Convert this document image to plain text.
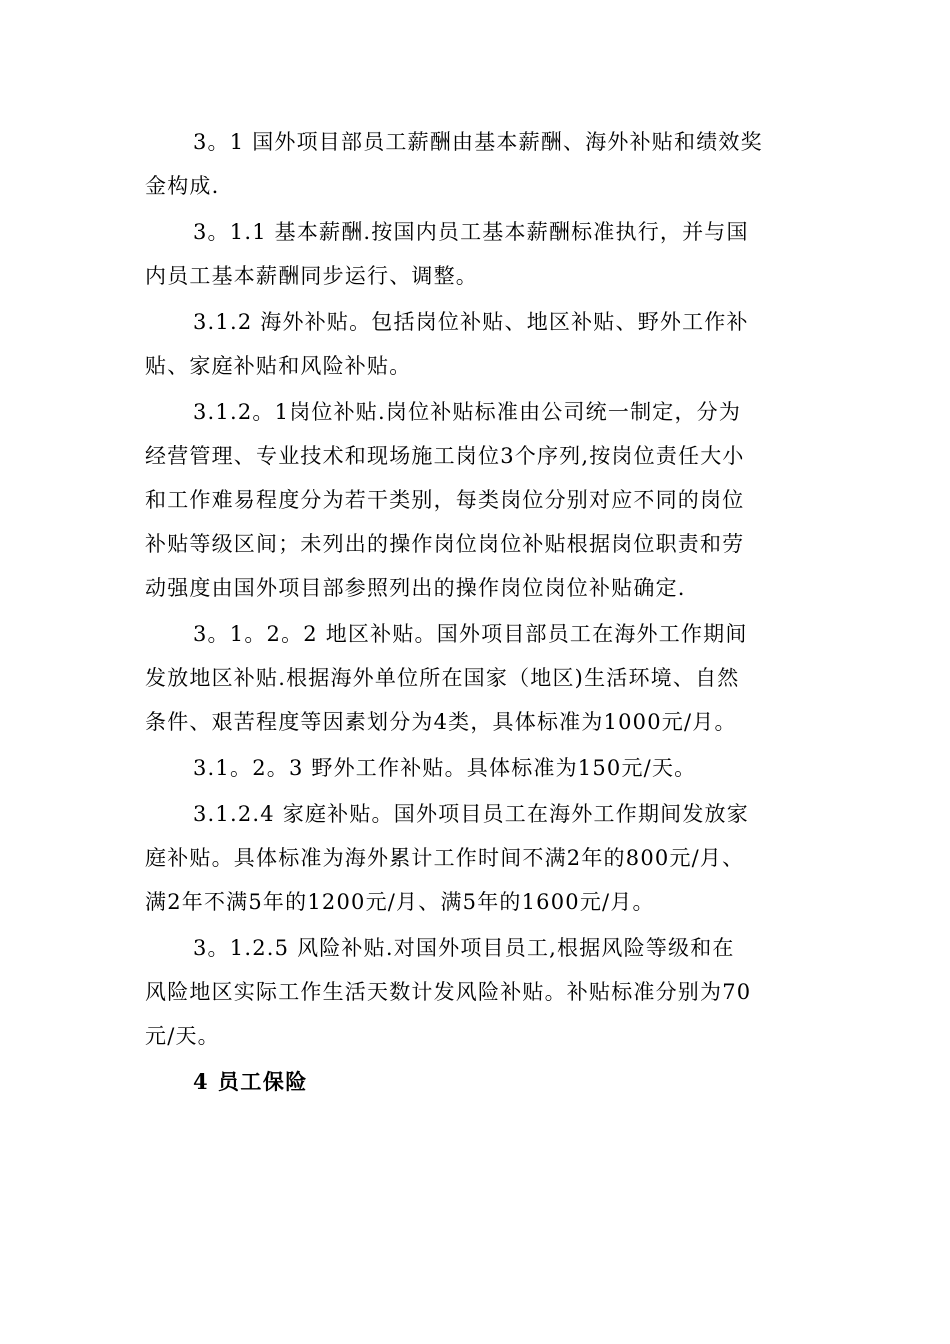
3。1 国外项目部员工薪酬由基本薪酬、海外补贴和绩效奖
金构成.
3。1.1 基本薪酬.按国内员工基本薪酬标准执行，并与国
内员工基本薪酬同步运行、调整。
3.1.2 海外补贴。包括岗位补贴、地区补贴、野外工作补
贴、家庭补贴和风险补贴。
3.1.2。1岗位补贴.岗位补贴标准由公司统一制定，分为
经营管理、专业技术和现场施工岗位3个序列,按岗位责任大小
和工作难易程度分为若干类别，每类岗位分别对应不同的岗位
补贴等级区间；未列出的操作岗位岗位补贴根据岗位职责和劳
动强度由国外项目部参照列出的操作岗位岗位补贴确定.
3。1。2。2 地区补贴。国外项目部员工在海外工作期间
发放地区补贴.根据海外单位所在国家（地区)生活环境、自然
条件、艰苦程度等因素划分为4类，具体标准为1000元/月。
3.1。2。3 野外工作补贴。具体标准为150元/天。
3.1.2.4 家庭补贴。国外项目员工在海外工作期间发放家
庭补贴。具体标准为海外累计工作时间不满2年的800元/月、
满2年不满5年的1200元/月、满5年的1600元/月。
3。1.2.5 风险补贴.对国外项目员工,根据风险等级和在
风险地区实际工作生活天数计发风险补贴。补贴标准分别为70
元/天。
4 员工保险
